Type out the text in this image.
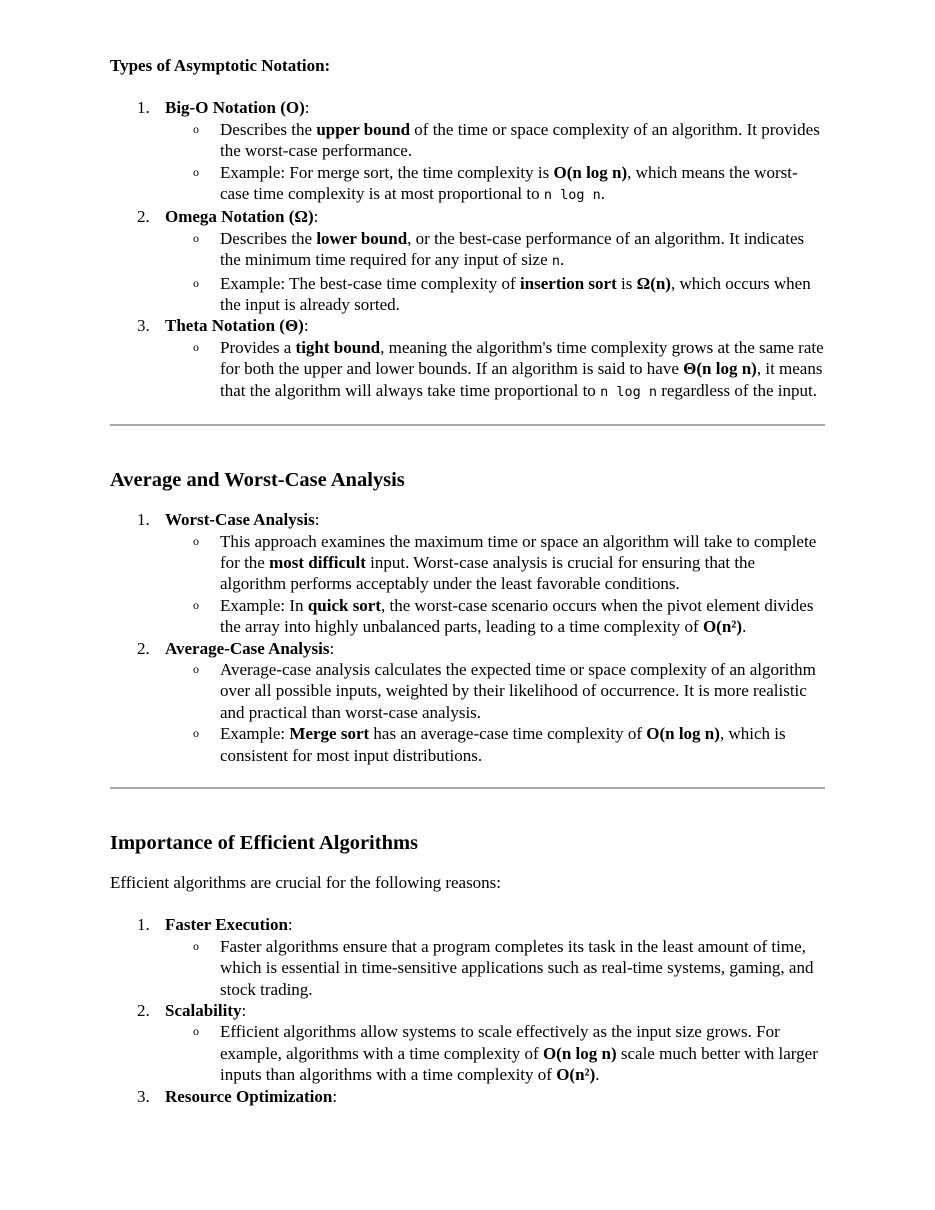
Types of Asymptotic Notation:

1. Big-O Notation (O):
o Describes the upper bound of the time or space complexity of an algorithm. It provides the worst-case performance.
o Example: For merge sort, the time complexity is O(n log n), which means the worst-case time complexity is at most proportional to n log n.
2. Omega Notation (Ω):
o Describes the lower bound, or the best-case performance of an algorithm. It indicates the minimum time required for any input of size n.
o Example: The best-case time complexity of insertion sort is Ω(n), which occurs when the input is already sorted.
3. Theta Notation (Θ):
o Provides a tight bound, meaning the algorithm's time complexity grows at the same rate for both the upper and lower bounds. If an algorithm is said to have Θ(n log n), it means that the algorithm will always take time proportional to n log n regardless of the input.

Average and Worst-Case Analysis

1. Worst-Case Analysis:
o This approach examines the maximum time or space an algorithm will take to complete for the most difficult input. Worst-case analysis is crucial for ensuring that the algorithm performs acceptably under the least favorable conditions.
o Example: In quick sort, the worst-case scenario occurs when the pivot element divides the array into highly unbalanced parts, leading to a time complexity of O(n²).
2. Average-Case Analysis:
o Average-case analysis calculates the expected time or space complexity of an algorithm over all possible inputs, weighted by their likelihood of occurrence. It is more realistic and practical than worst-case analysis.
o Example: Merge sort has an average-case time complexity of O(n log n), which is consistent for most input distributions.

Importance of Efficient Algorithms

Efficient algorithms are crucial for the following reasons:

1. Faster Execution:
o Faster algorithms ensure that a program completes its task in the least amount of time, which is essential in time-sensitive applications such as real-time systems, gaming, and stock trading.
2. Scalability:
o Efficient algorithms allow systems to scale effectively as the input size grows. For example, algorithms with a time complexity of O(n log n) scale much better with larger inputs than algorithms with a time complexity of O(n²).
3. Resource Optimization:
